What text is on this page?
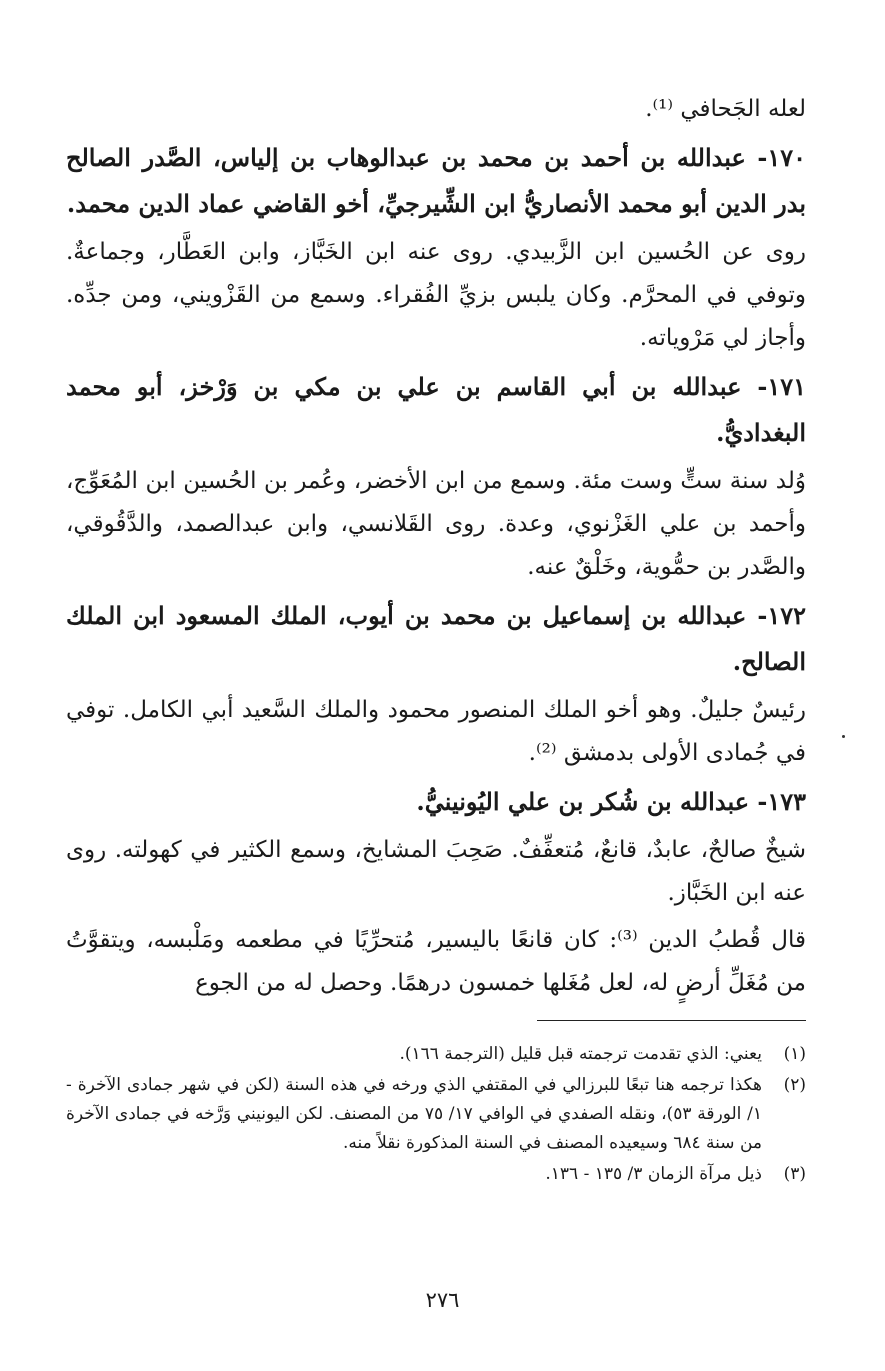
لعله الجَحافي ⁽¹⁾.

١٧٠- عبدالله بن أحمد بن محمد بن عبدالوهاب بن إلياس، الصَّدر الصالح بدر الدين أبو محمد الأنصاريُّ ابن الشِّيرجيِّ، أخو القاضي عماد الدين محمد.

روى عن الحُسين ابن الزَّبيدي. روى عنه ابن الخَبَّاز، وابن العَطَّار، وجماعةٌ. وتوفي في المحرَّم. وكان يلبس بزيِّ الفُقراء. وسمع من القَزْويني، ومن جدِّه. وأجاز لي مَرْوياته.

١٧١- عبدالله بن أبي القاسم بن علي بن مكي بن وَرْخز، أبو محمد البغداديُّ.

وُلد سنة ستٍّ وست مئة. وسمع من ابن الأخضر، وعُمر بن الحُسين ابن المُعَوِّج، وأحمد بن علي الغَزْنوي، وعدة. روى القَلانسي، وابن عبدالصمد، والدَّقُوقي، والصَّدر بن حمُّوية، وخَلْقٌ عنه.

١٧٢- عبدالله بن إسماعيل بن محمد بن أيوب، الملك المسعود ابن الملك الصالح.

رئيسٌ جليلٌ. وهو أخو الملك المنصور محمود والملك السَّعيد أبي الكامل. توفي في جُمادى الأولى بدمشق ⁽²⁾.

١٧٣- عبدالله بن شُكر بن علي اليُونينيُّ.

شيخٌ صالحٌ، عابدٌ، قانعٌ، مُتعفِّفٌ. صَحِبَ المشايخ، وسمع الكثير في كهولته. روى عنه ابن الخَبَّاز.

قال قُطبُ الدين ⁽³⁾: كان قانعًا باليسير، مُتحرِّيًا في مطعمه ومَلْبسه، ويتقوَّتُ من مُغَلِّ أرضٍ له، لعل مُغَلها خمسون درهمًا. وحصل له من الجوع

(١)
يعني: الذي تقدمت ترجمته قبل قليل (الترجمة ١٦٦).
(٢)
هكذا ترجمه هنا تبعًا للبرزالي في المقتفي الذي ورخه في هذه السنة (لكن في شهر جمادى الآخرة - ١/ الورقة ٥٣)، ونقله الصفدي في الوافي ١٧/ ٧٥ من المصنف. لكن اليونيني وَرَّخه في جمادى الآخرة من سنة ٦٨٤ وسيعيده المصنف في السنة المذكورة نقلاً منه.
(٣)
ذيل مرآة الزمان ٣/ ١٣٥ - ١٣٦.
٢٧٦
